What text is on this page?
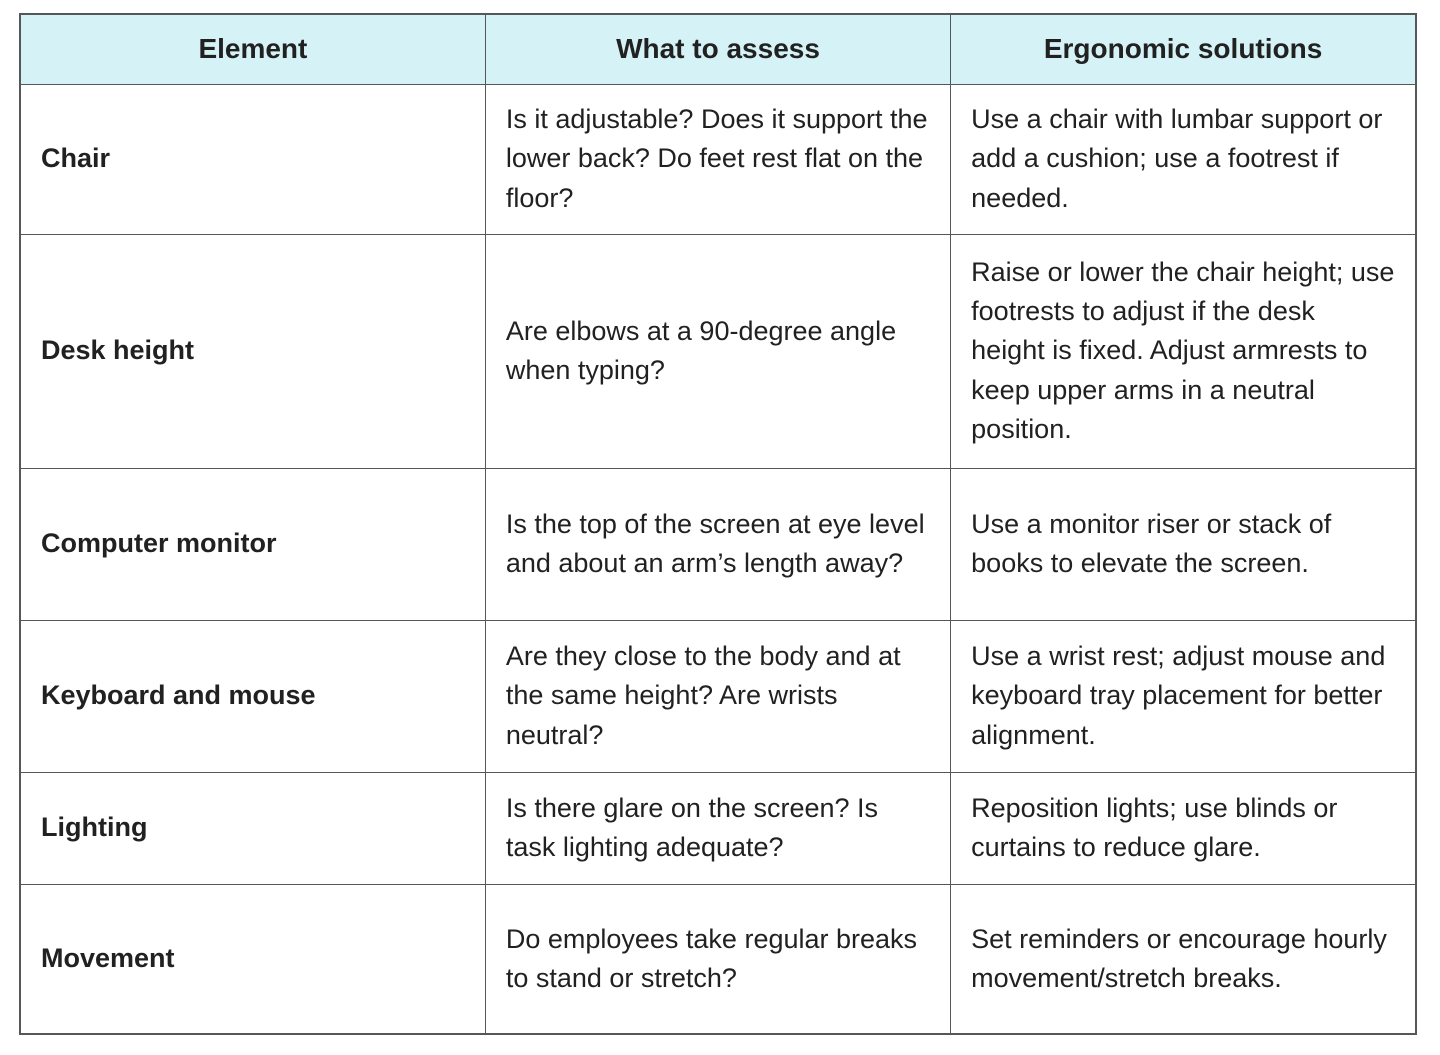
Element	What to assess	Ergonomic solutions
Chair	Is it adjustable? Does it support the lower back? Do feet rest flat on the floor?	Use a chair with lumbar support or add a cushion; use a footrest if needed.
Desk height	Are elbows at a 90-degree angle when typing?	Raise or lower the chair height; use footrests to adjust if the desk height is fixed. Adjust armrests to keep upper arms in a neutral position.
Computer monitor	Is the top of the screen at eye level and about an arm’s length away?	Use a monitor riser or stack of books to elevate the screen.
Keyboard and mouse	Are they close to the body and at the same height? Are wrists neutral?	Use a wrist rest; adjust mouse and keyboard tray placement for better alignment.
Lighting	Is there glare on the screen? Is task lighting adequate?	Reposition lights; use blinds or curtains to reduce glare.
Movement	Do employees take regular breaks to stand or stretch?	Set reminders or encourage hourly movement/stretch breaks.
